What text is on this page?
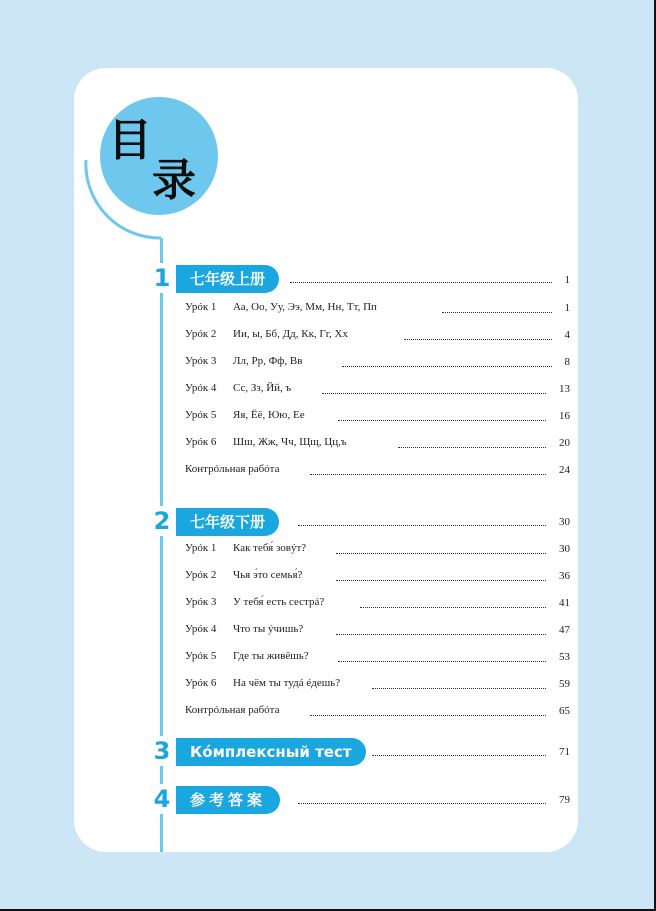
目
录
1	七年级上册	1
Урóк 1 Аа, Оо, Уу, Ээ, Мм, Нн, Тт, Пп	1
Урóк 2 Ии, ы, Бб, Дд, Кк, Гг, Хх	4
Урóк 3 Лл, Рр, Фф, Вв	8
Урóк 4 Сс, Зз, Йй, ъ	13
Урóк 5 Яя, Ёё, Юю, Ее	16
Урóк 6 Шш, Жж, Чч, Щщ, Цц,ъ	20
Контрóльная рабóта	24
2	七年级下册	30
Урóк 1 Как тебя́ зовýт?	30
Урóк 2 Чья э́то семья́?	36
Урóк 3 У тебя́ есть сестрá?	41
Урóк 4 Что ты ýчишь?	47
Урóк 5 Где ты живёшь?	53
Урóк 6 На чём ты тудá éдешь?	59
Контрóльная рабóта	65
3	Кóмплексный тест	71
4	参考答案	79
